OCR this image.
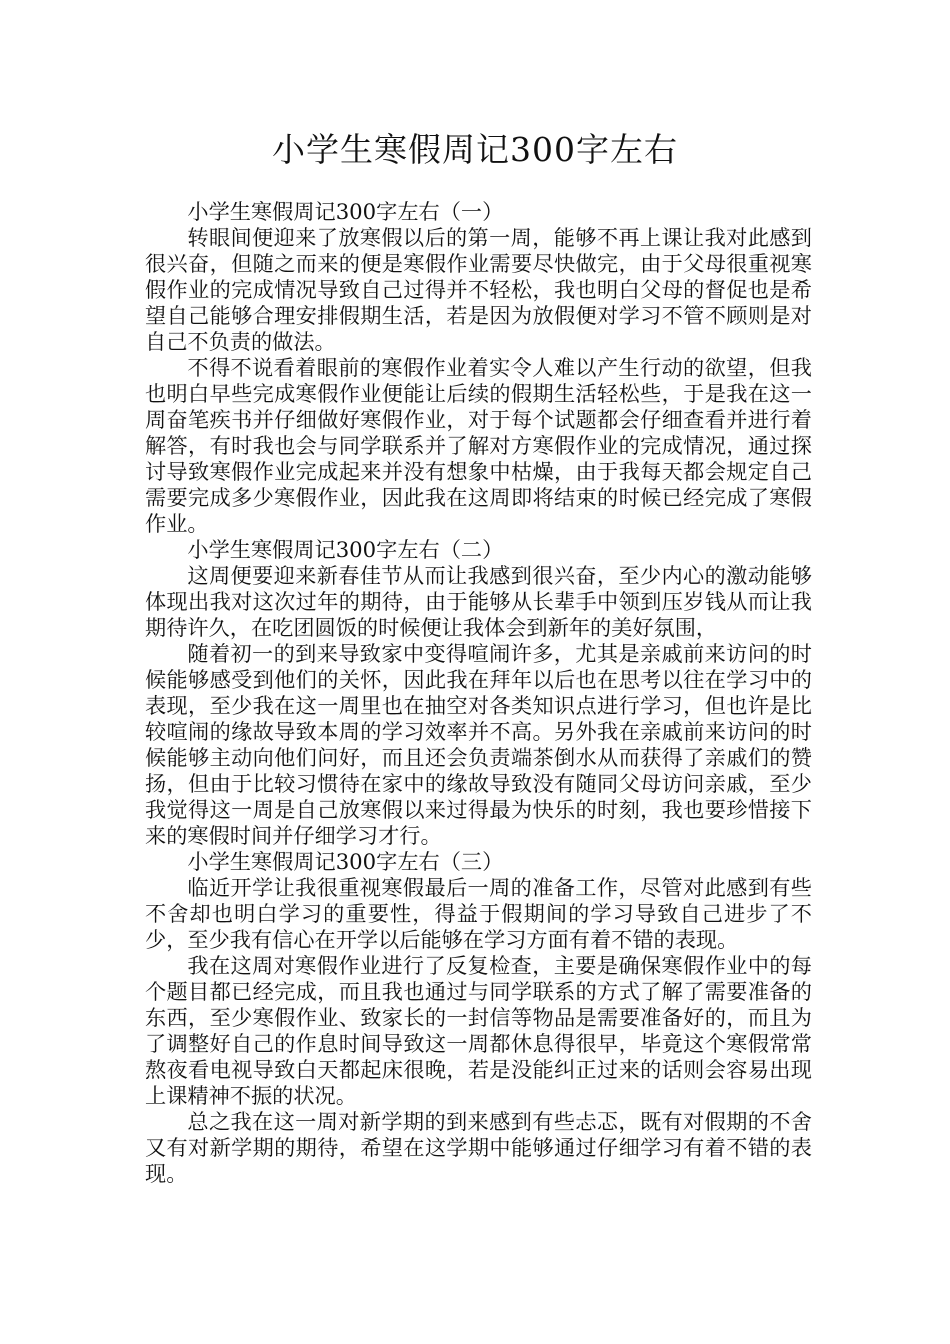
小学生寒假周记300字左右

小学生寒假周记300字左右（一）

转眼间便迎来了放寒假以后的第一周，能够不再上课让我对此感到很兴奋，但随之而来的便是寒假作业需要尽快做完，由于父母很重视寒假作业的完成情况导致自己过得并不轻松，我也明白父母的督促也是希望自己能够合理安排假期生活，若是因为放假便对学习不管不顾则是对自己不负责的做法。

不得不说看着眼前的寒假作业着实令人难以产生行动的欲望，但我也明白早些完成寒假作业便能让后续的假期生活轻松些，于是我在这一周奋笔疾书并仔细做好寒假作业，对于每个试题都会仔细查看并进行着解答，有时我也会与同学联系并了解对方寒假作业的完成情况，通过探讨导致寒假作业完成起来并没有想象中枯燥，由于我每天都会规定自己需要完成多少寒假作业，因此我在这周即将结束的时候已经完成了寒假作业。

小学生寒假周记300字左右（二）

这周便要迎来新春佳节从而让我感到很兴奋，至少内心的激动能够体现出我对这次过年的期待，由于能够从长辈手中领到压岁钱从而让我期待许久，在吃团圆饭的时候便让我体会到新年的美好氛围，

随着初一的到来导致家中变得喧闹许多，尤其是亲戚前来访问的时候能够感受到他们的关怀，因此我在拜年以后也在思考以往在学习中的表现，至少我在这一周里也在抽空对各类知识点进行学习，但也许是比较喧闹的缘故导致本周的学习效率并不高。另外我在亲戚前来访问的时候能够主动向他们问好，而且还会负责端茶倒水从而获得了亲戚们的赞扬，但由于比较习惯待在家中的缘故导致没有随同父母访问亲戚，至少我觉得这一周是自己放寒假以来过得最为快乐的时刻，我也要珍惜接下来的寒假时间并仔细学习才行。

小学生寒假周记300字左右（三）

临近开学让我很重视寒假最后一周的准备工作，尽管对此感到有些不舍却也明白学习的重要性，得益于假期间的学习导致自己进步了不少，至少我有信心在开学以后能够在学习方面有着不错的表现。

我在这周对寒假作业进行了反复检查，主要是确保寒假作业中的每个题目都已经完成，而且我也通过与同学联系的方式了解了需要准备的东西，至少寒假作业、致家长的一封信等物品是需要准备好的，而且为了调整好自己的作息时间导致这一周都休息得很早，毕竟这个寒假常常熬夜看电视导致白天都起床很晚，若是没能纠正过来的话则会容易出现上课精神不振的状况。

总之我在这一周对新学期的到来感到有些忐忑，既有对假期的不舍又有对新学期的期待，希望在这学期中能够通过仔细学习有着不错的表现。
